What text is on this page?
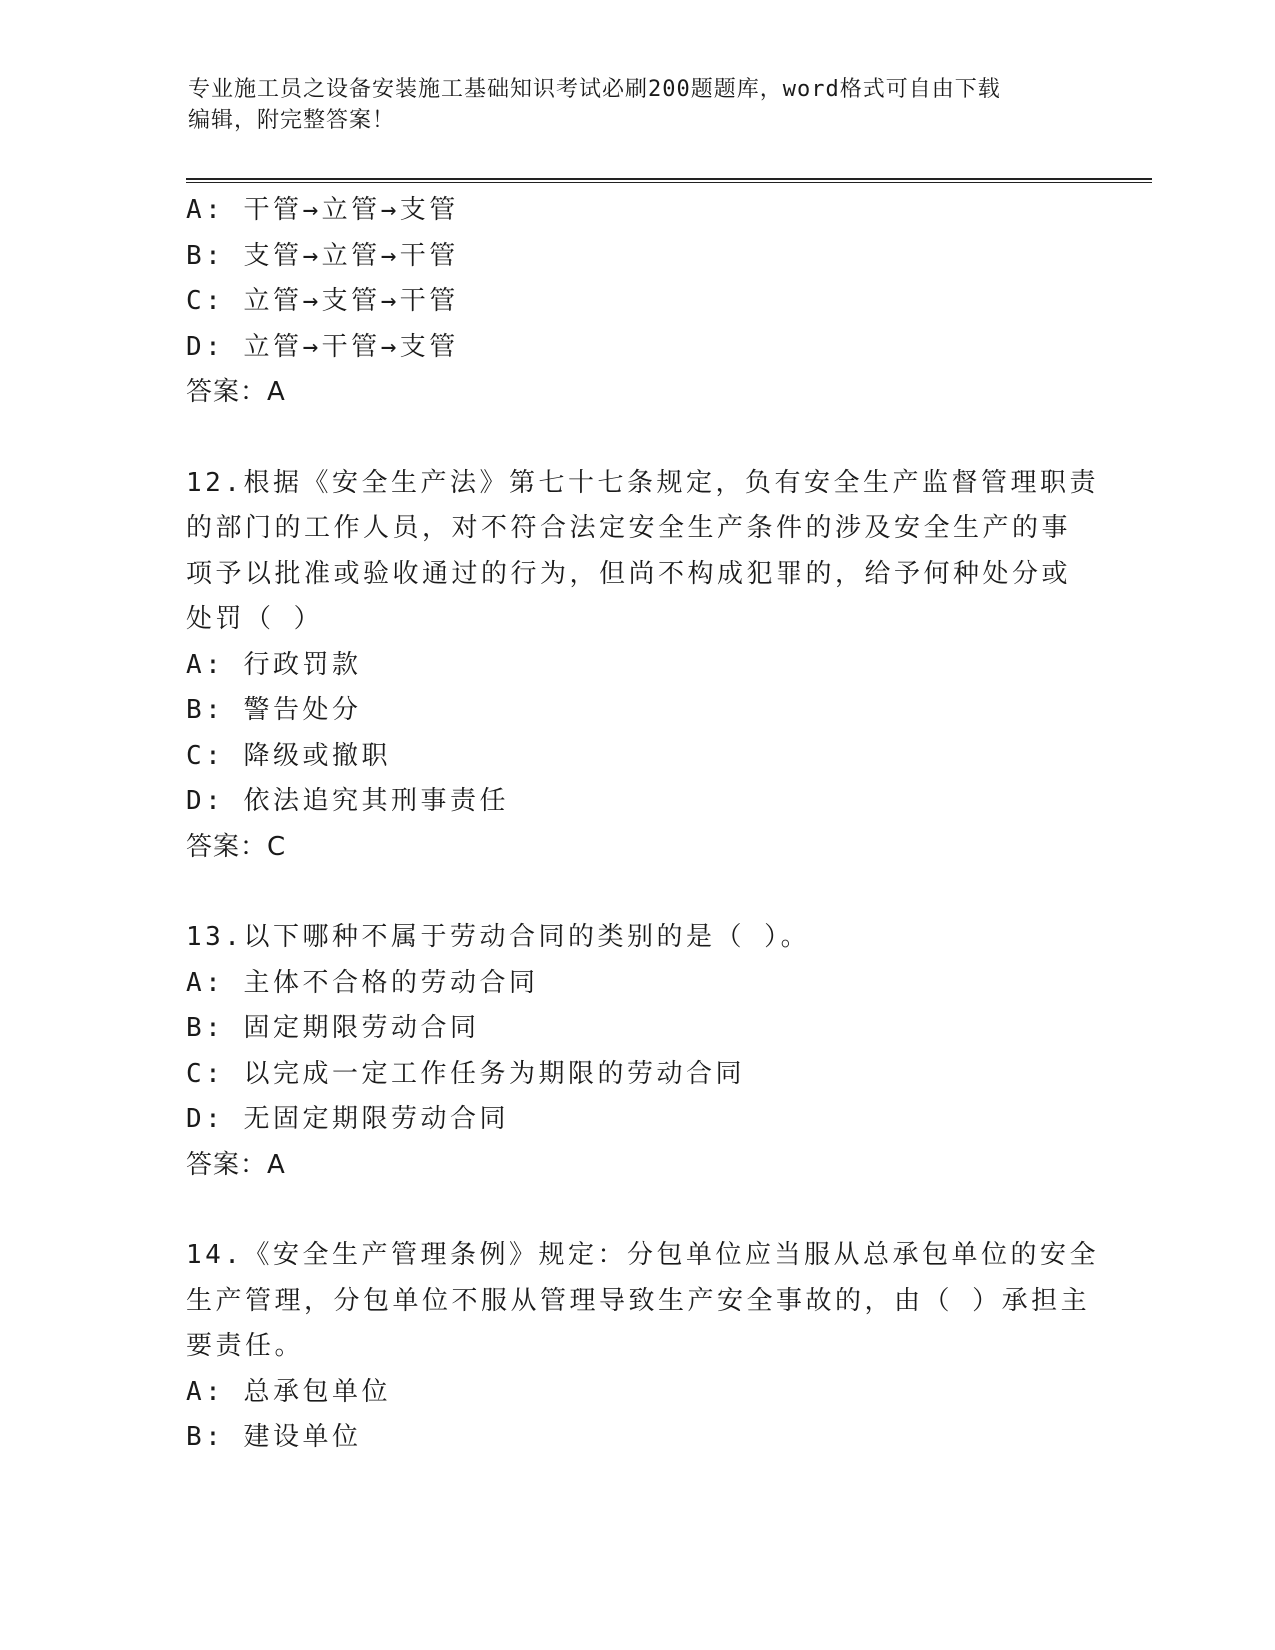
专业施工员之设备安装施工基础知识考试必刷200题题库，word格式可自由下载
编辑，附完整答案！
A: 干管→立管→支管
B: 支管→立管→干管
C: 立管→支管→干管
D: 立管→干管→支管
答案：A
12.根据《安全生产法》第七十七条规定，负有安全生产监督管理职责
的部门的工作人员，对不符合法定安全生产条件的涉及安全生产的事
项予以批准或验收通过的行为，但尚不构成犯罪的，给予何种处分或
处罚（ ）
A: 行政罚款
B: 警告处分
C: 降级或撤职
D: 依法追究其刑事责任
答案：C
13.以下哪种不属于劳动合同的类别的是（ ）。
A: 主体不合格的劳动合同
B: 固定期限劳动合同
C: 以完成一定工作任务为期限的劳动合同
D: 无固定期限劳动合同
答案：A
14.《安全生产管理条例》规定：分包单位应当服从总承包单位的安全
生产管理，分包单位不服从管理导致生产安全事故的，由（ ）承担主
要责任。
A: 总承包单位
B: 建设单位
